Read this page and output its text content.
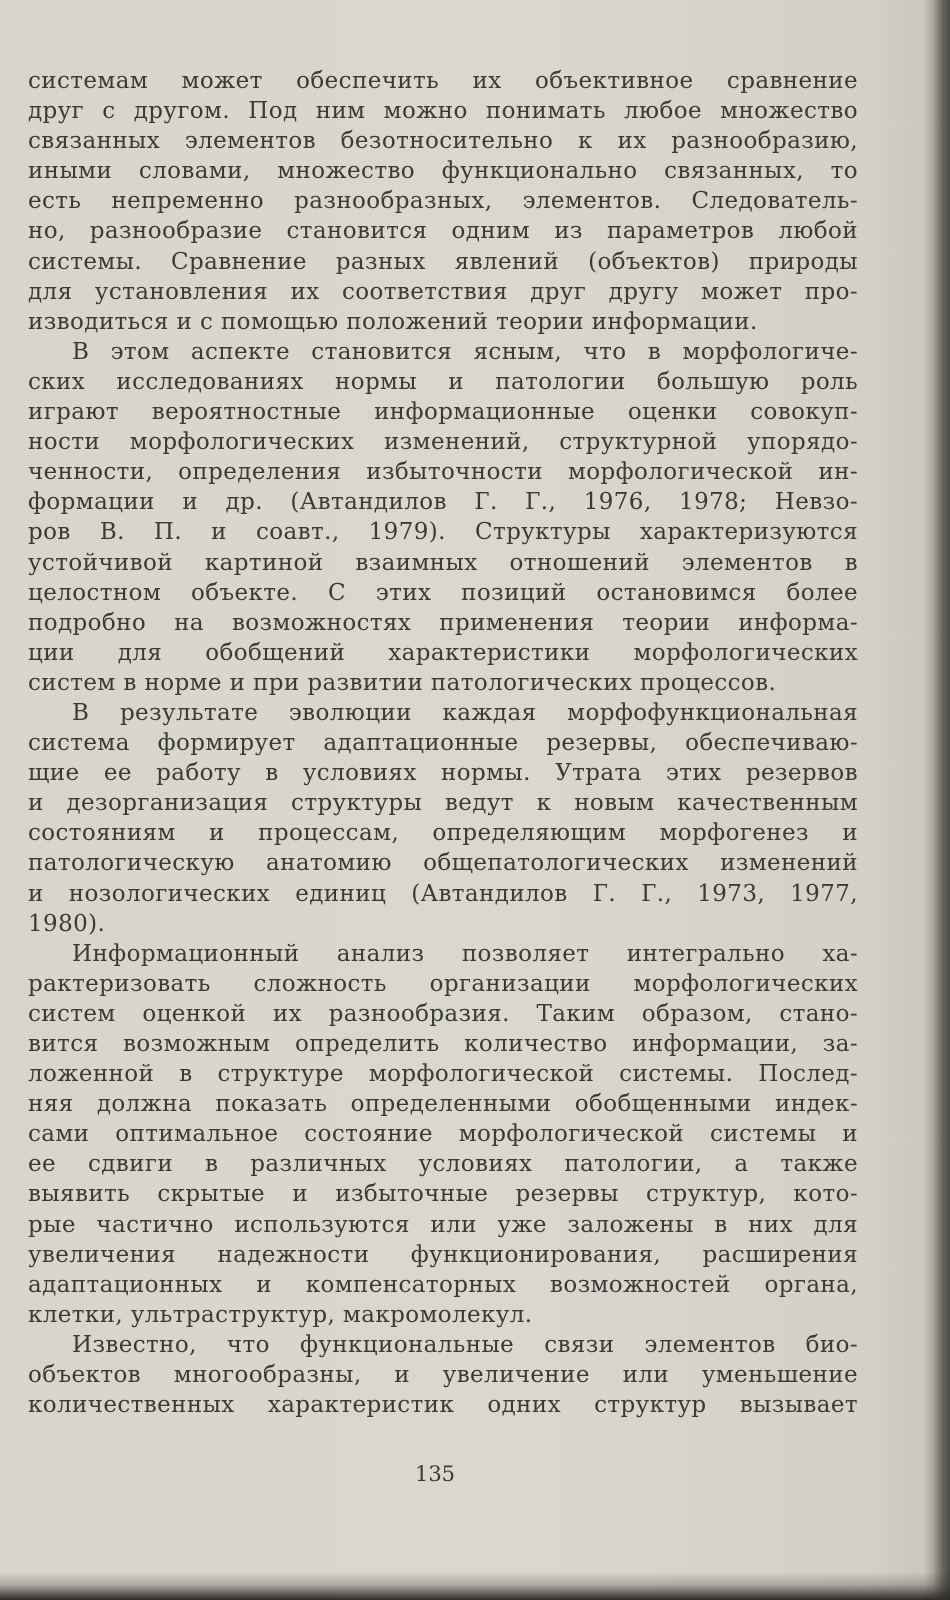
системам может обеспечить их объективное сравнение
друг с другом. Под ним можно понимать любое множество
связанных элементов безотносительно к их разнообразию,
иными словами, множество функционально связанных, то
есть непременно разнообразных, элементов. Следователь-
но, разнообразие становится одним из параметров любой
системы. Сравнение разных явлений (объектов) природы
для установления их соответствия друг другу может про-
изводиться и с помощью положений теории информации.
В этом аспекте становится ясным, что в морфологиче-
ских исследованиях нормы и патологии большую роль
играют вероятностные информационные оценки совокуп-
ности морфологических изменений, структурной упорядо-
ченности, определения избыточности морфологической ин-
формации и др. (Автандилов Г. Г., 1976, 1978; Невзо-
ров В. П. и соавт., 1979). Структуры характеризуются
устойчивой картиной взаимных отношений элементов в
целостном объекте. С этих позиций остановимся более
подробно на возможностях применения теории информа-
ции для обобщений характеристики морфологических
систем в норме и при развитии патологических процессов.
В результате эволюции каждая морфофункциональная
система формирует адаптационные резервы, обеспечиваю-
щие ее работу в условиях нормы. Утрата этих резервов
и дезорганизация структуры ведут к новым качественным
состояниям и процессам, определяющим морфогенез и
патологическую анатомию общепатологических изменений
и нозологических единиц (Автандилов Г. Г., 1973, 1977,
1980).
Информационный анализ позволяет интегрально ха-
рактеризовать сложность организации морфологических
систем оценкой их разнообразия. Таким образом, стано-
вится возможным определить количество информации, за-
ложенной в структуре морфологической системы. Послед-
няя должна показать определенными обобщенными индек-
сами оптимальное состояние морфологической системы и
ее сдвиги в различных условиях патологии, а также
выявить скрытые и избыточные резервы структур, кото-
рые частично используются или уже заложены в них для
увеличения надежности функционирования, расширения
адаптационных и компенсаторных возможностей органа,
клетки, ультраструктур, макромолекул.
Известно, что функциональные связи элементов био-
объектов многообразны, и увеличение или уменьшение
количественных характеристик одних структур вызывает
135
